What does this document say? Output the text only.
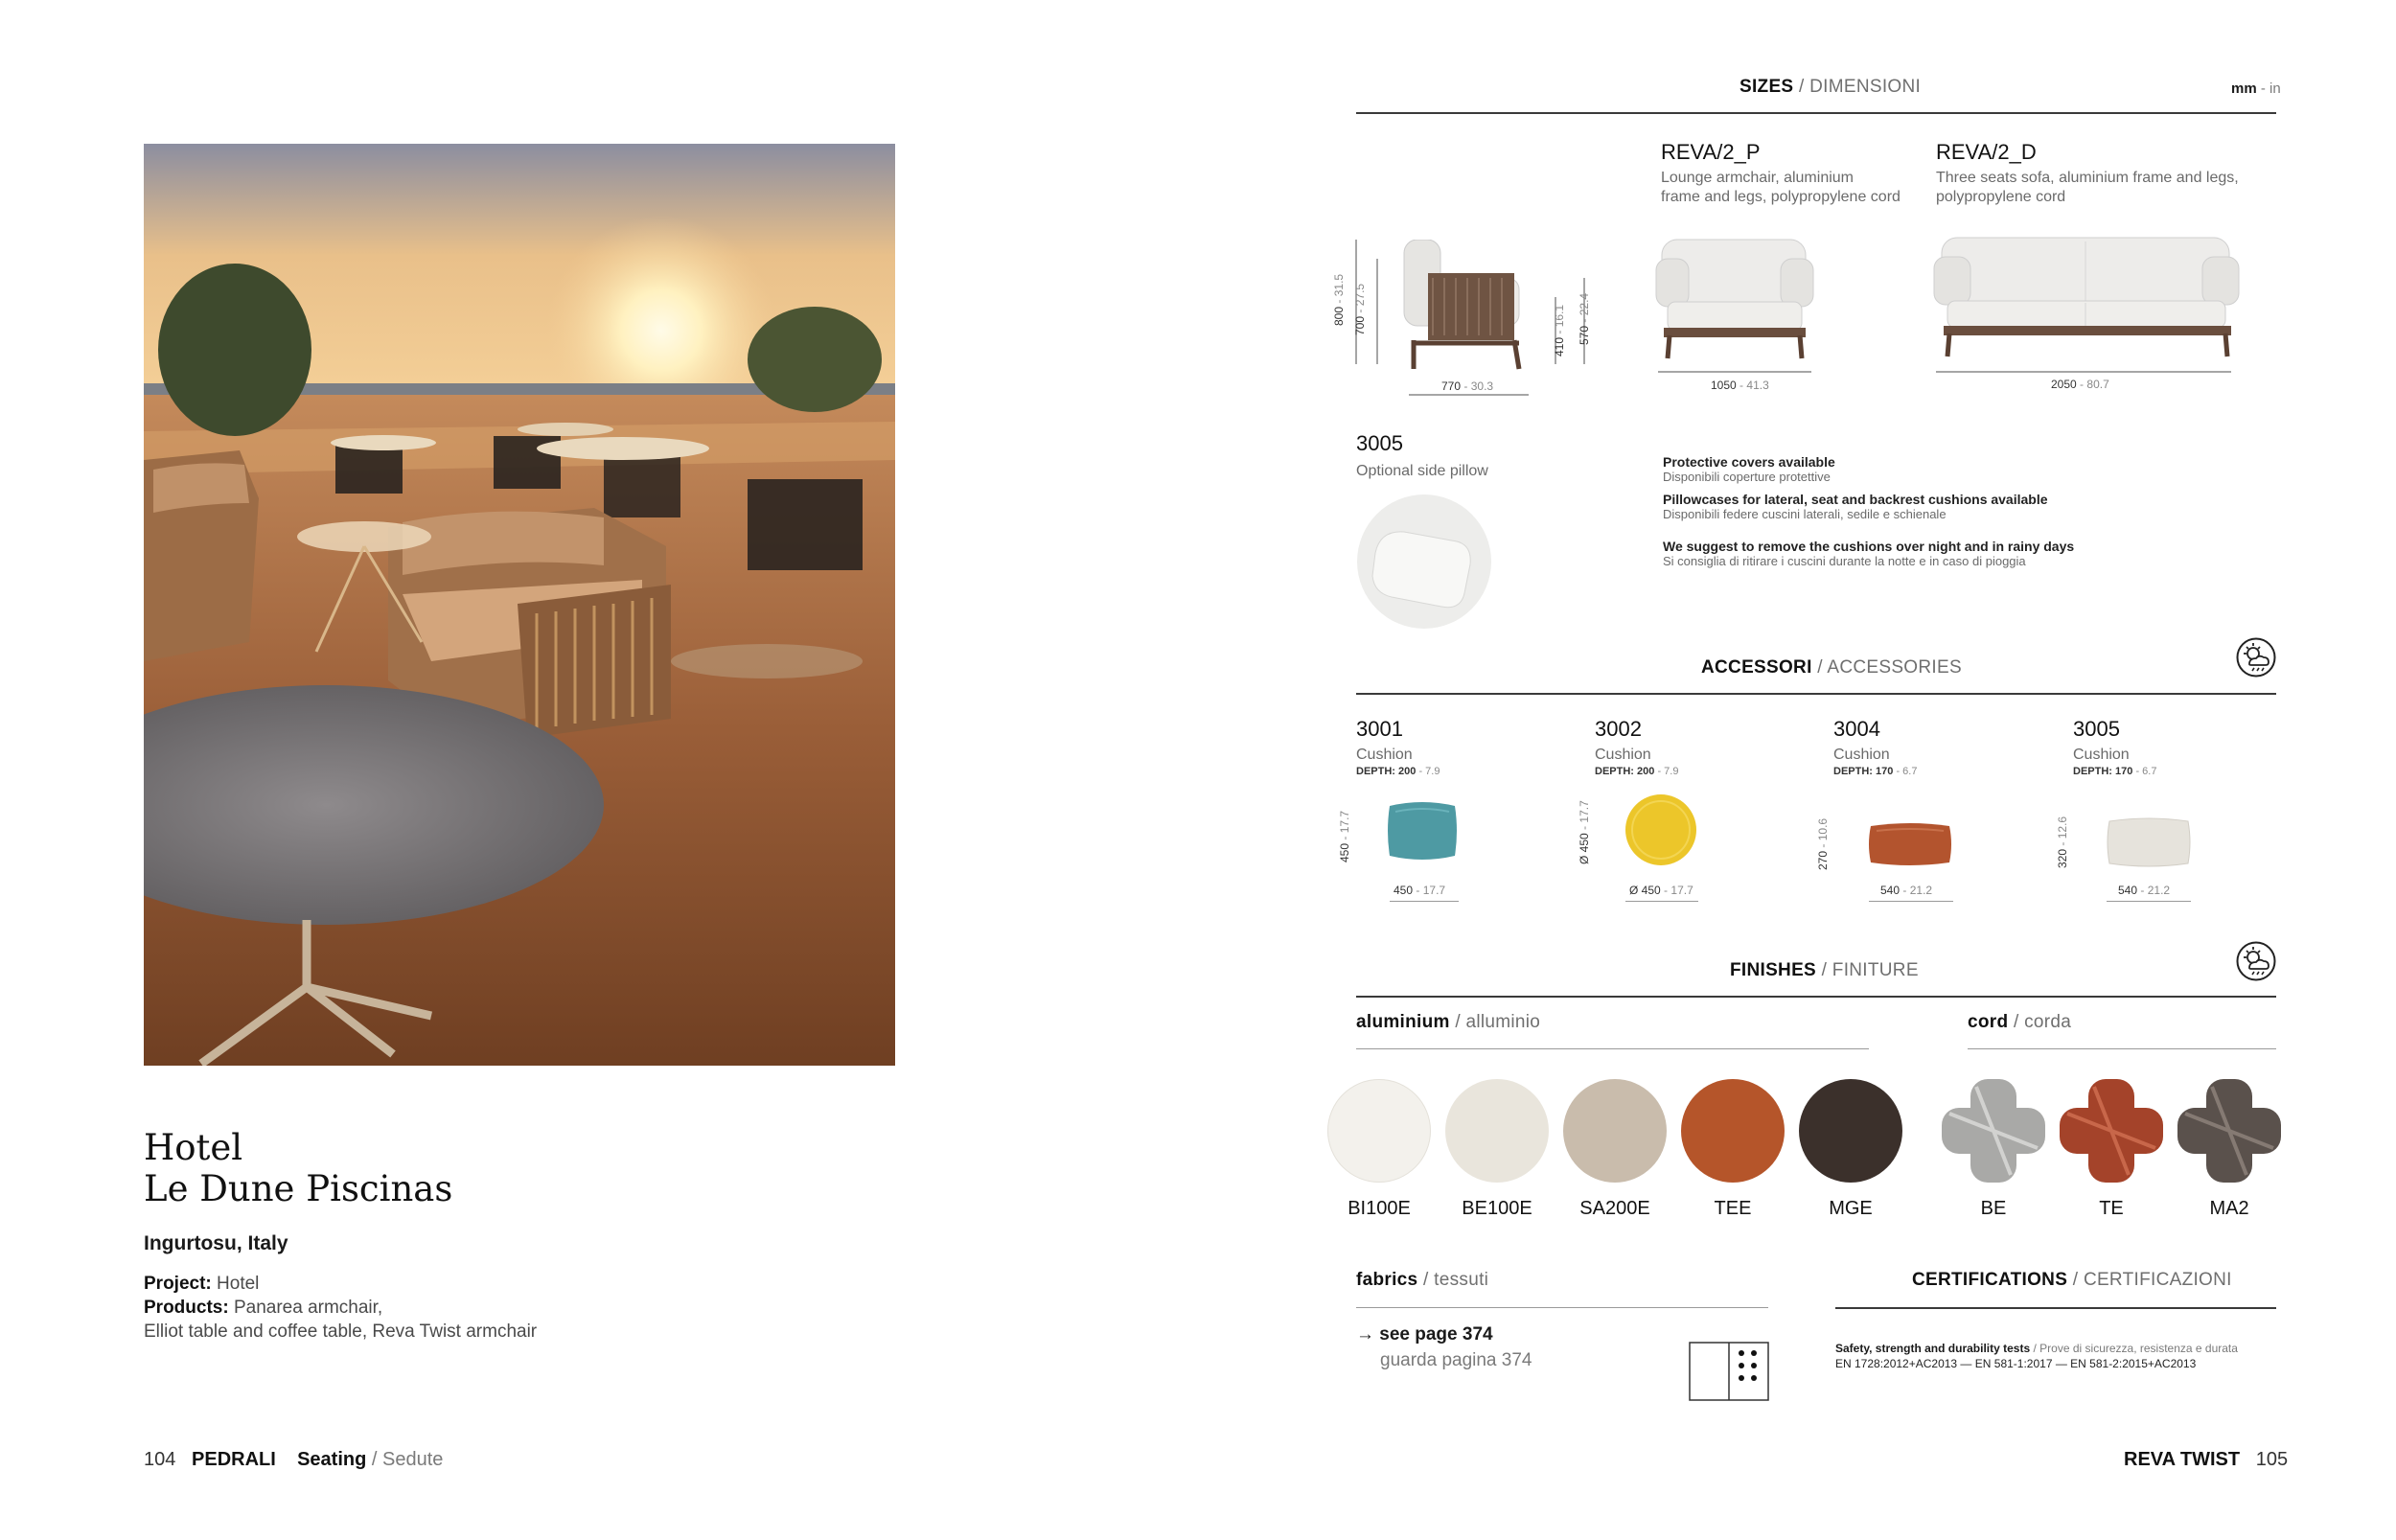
Hotel
Le Dune Piscinas
Ingurtosu, Italy
Project: Hotel
Products: Panarea armchair,
Elliot table and coffee table, Reva Twist armchair
104 PEDRALI Seating / Sedute
SIZES / DIMENSIONI	mm - in
800 - 31.5
700 - 27.5
770 - 30.3
410 - 16.1
570 - 22.4
REVA/2_P
Lounge armchair, aluminium
frame and legs, polypropylene cord
1050 - 41.3
REVA/2_D
Three seats sofa, aluminium frame and legs,
polypropylene cord
2050 - 80.7
3005
Optional side pillow
Protective covers available
Disponibili coperture protettive
Pillowcases for lateral, seat and backrest cushions available
Disponibili federe cuscini laterali, sedile e schienale
We suggest to remove the cushions over night and in rainy days
Si consiglia di ritirare i cuscini durante la notte e in caso di pioggia
ACCESSORI / ACCESSORIES
3001
Cushion
DEPTH: 200 - 7.9
450 - 17.7
450 - 17.7
3002
Cushion
DEPTH: 200 - 7.9
Ø 450 - 17.7
Ø 450 - 17.7
3004
Cushion
DEPTH: 170 - 6.7
270 - 10.6
540 - 21.2
3005
Cushion
DEPTH: 170 - 6.7
320 - 12.6
540 - 21.2
FINISHES / FINITURE
aluminium / alluminio	cord / corda
BI100E	BE100E	SA200E	TEE	MGE	BE	TE	MA2
fabrics / tessuti
→ see page 374
guarda pagina 374
CERTIFICATIONS / CERTIFICAZIONI
Safety, strength and durability tests / Prove di sicurezza, resistenza e durata
EN 1728:2012+AC2013 — EN 581-1:2017 — EN 581-2:2015+AC2013
REVA TWIST 105
